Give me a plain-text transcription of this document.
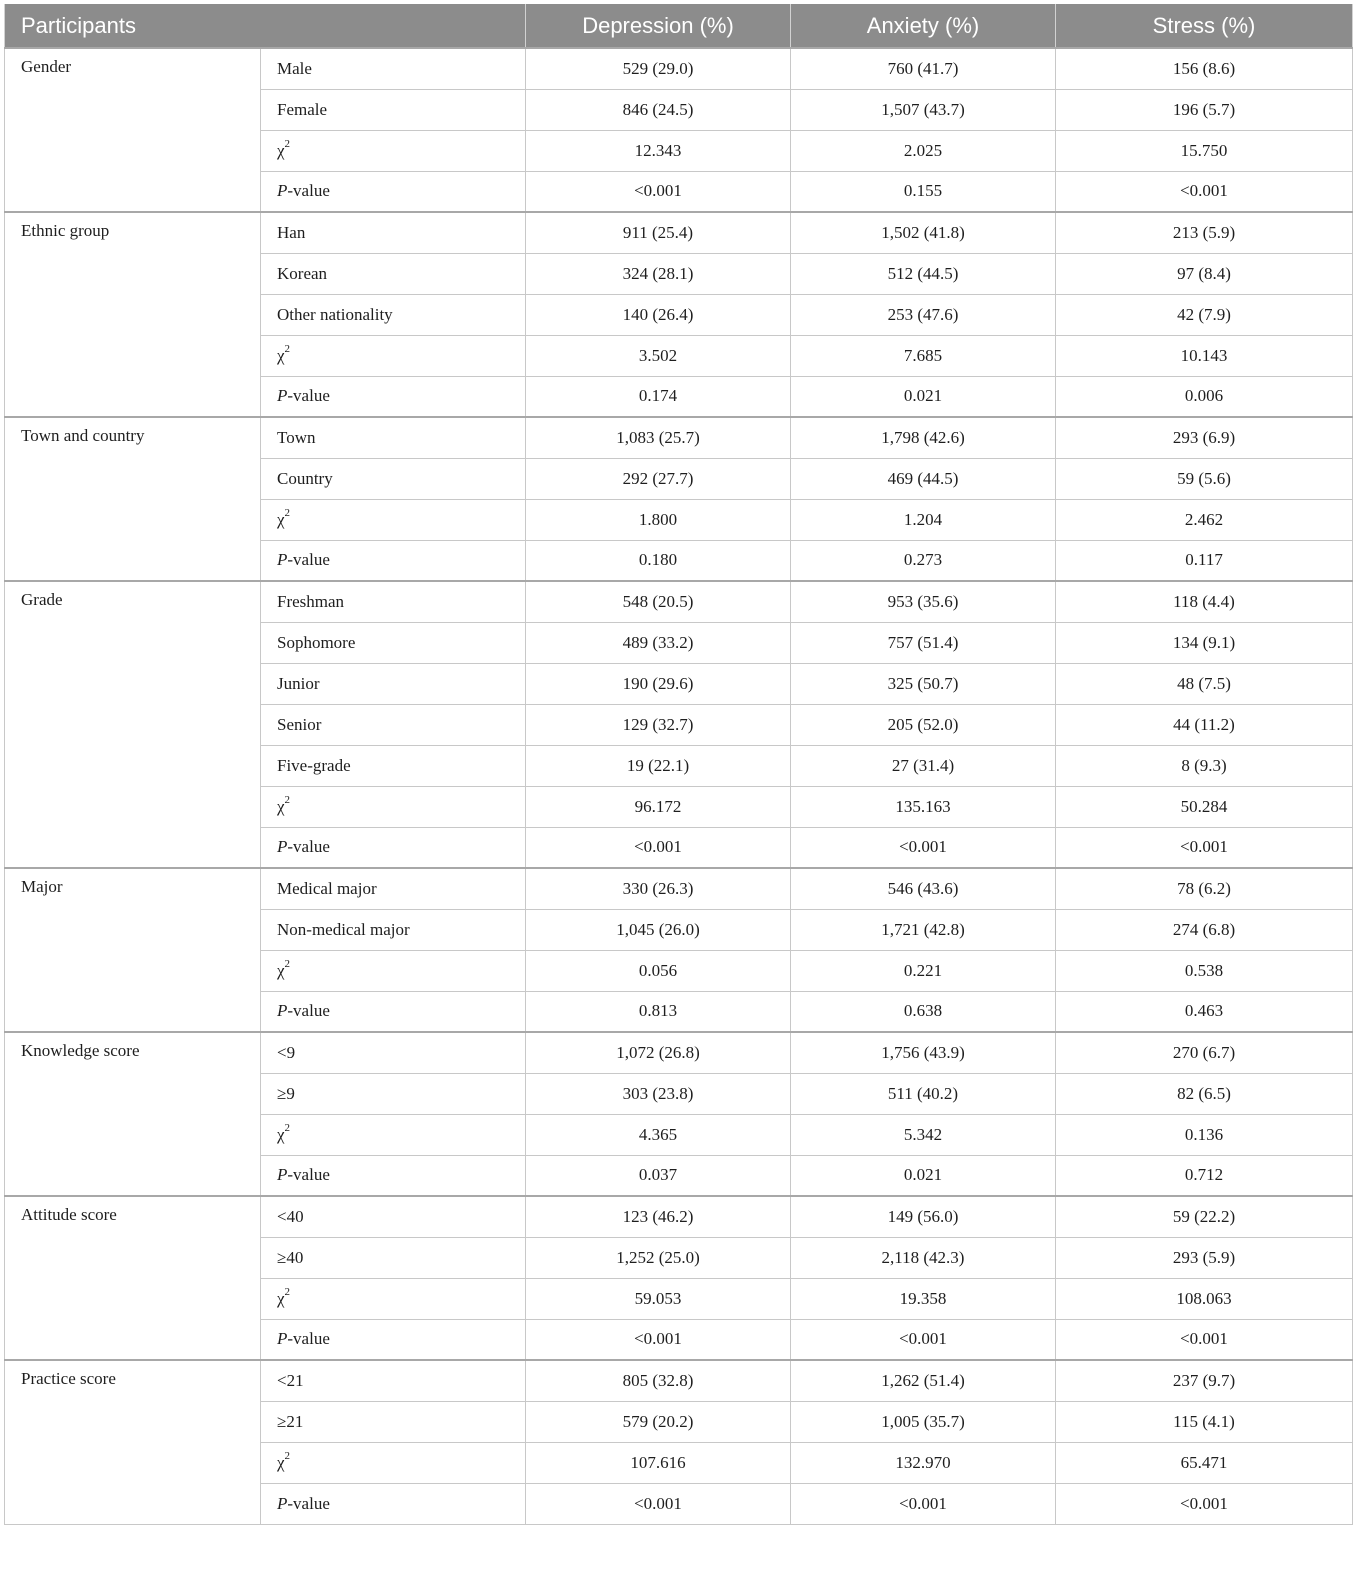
Participants		Depression (%)	Anxiety (%)	Stress (%)
Gender	Male	529 (29.0)	760 (41.7)	156 (8.6)
	Female	846 (24.5)	1,507 (43.7)	196 (5.7)
	$\chi^2$	12.343	2.025	15.750
	P-value	<0.001	0.155	<0.001
Ethnic group	Han	911 (25.4)	1,502 (41.8)	213 (5.9)
	Korean	324 (28.1)	512 (44.5)	97 (8.4)
	Other nationality	140 (26.4)	253 (47.6)	42 (7.9)
	$\chi^2$	3.502	7.685	10.143
	P-value	0.174	0.021	0.006
Town and country	Town	1,083 (25.7)	1,798 (42.6)	293 (6.9)
	Country	292 (27.7)	469 (44.5)	59 (5.6)
	$\chi^2$	1.800	1.204	2.462
	P-value	0.180	0.273	0.117
Grade	Freshman	548 (20.5)	953 (35.6)	118 (4.4)
	Sophomore	489 (33.2)	757 (51.4)	134 (9.1)
	Junior	190 (29.6)	325 (50.7)	48 (7.5)
	Senior	129 (32.7)	205 (52.0)	44 (11.2)
	Five-grade	19 (22.1)	27 (31.4)	8 (9.3)
	$\chi^2$	96.172	135.163	50.284
	P-value	<0.001	<0.001	<0.001
Major	Medical major	330 (26.3)	546 (43.6)	78 (6.2)
	Non-medical major	1,045 (26.0)	1,721 (42.8)	274 (6.8)
	$\chi^2$	0.056	0.221	0.538
	P-value	0.813	0.638	0.463
Knowledge score	<9	1,072 (26.8)	1,756 (43.9)	270 (6.7)
	≥9	303 (23.8)	511 (40.2)	82 (6.5)
	$\chi^2$	4.365	5.342	0.136
	P-value	0.037	0.021	0.712
Attitude score	<40	123 (46.2)	149 (56.0)	59 (22.2)
	≥40	1,252 (25.0)	2,118 (42.3)	293 (5.9)
	$\chi^2$	59.053	19.358	108.063
	P-value	<0.001	<0.001	<0.001
Practice score	<21	805 (32.8)	1,262 (51.4)	237 (9.7)
	≥21	579 (20.2)	1,005 (35.7)	115 (4.1)
	$\chi^2$	107.616	132.970	65.471
	P-value	<0.001	<0.001	<0.001
